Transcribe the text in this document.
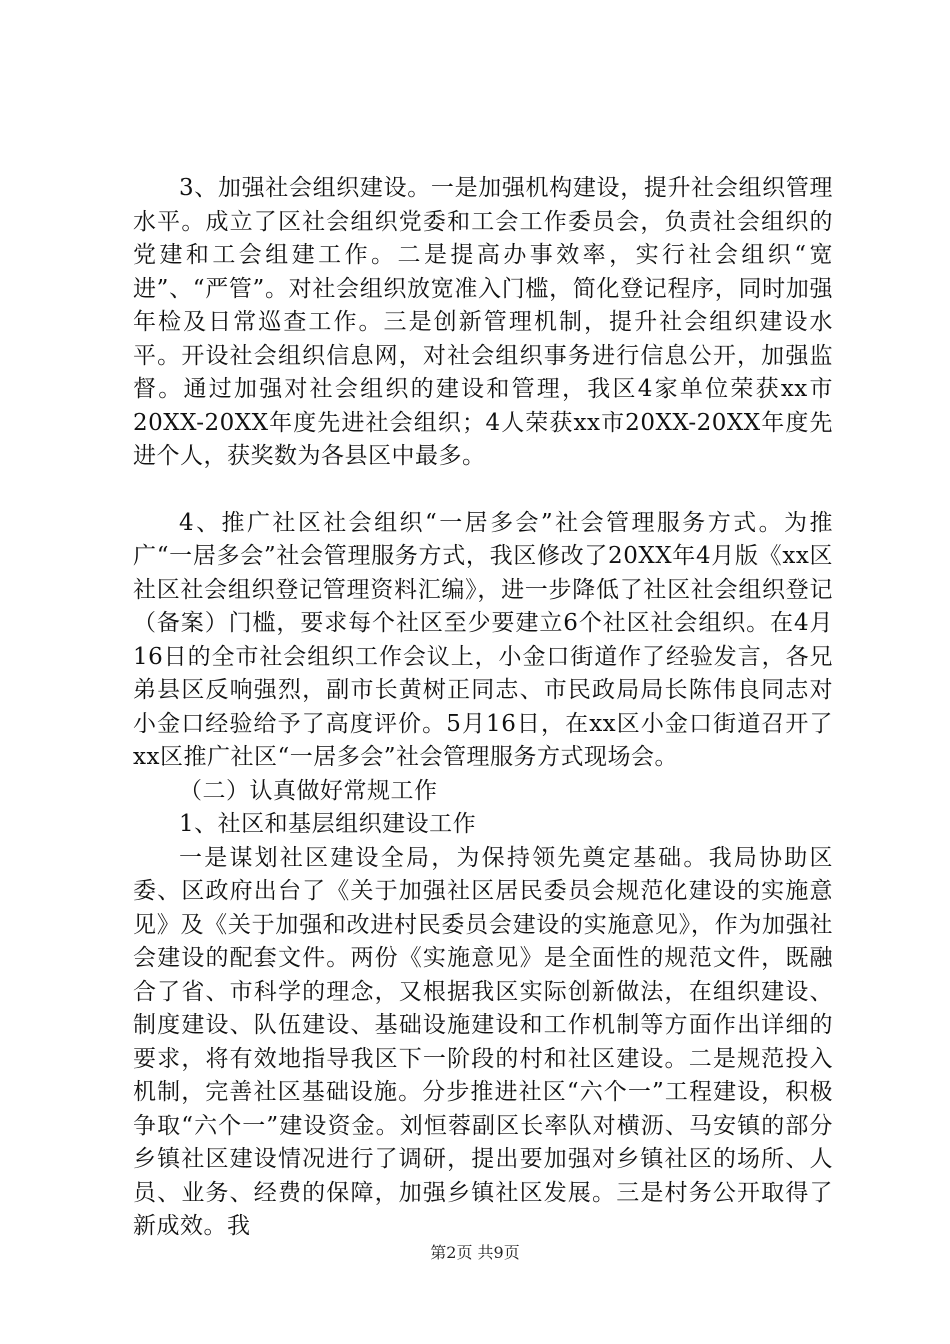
3、加强社会组织建设。一是加强机构建设，提升社会组织管理水平。成立了区社会组织党委和工会工作委员会，负责社会组织的党建和工会组建工作。二是提高办事效率，实行社会组织“宽进”、“严管”。对社会组织放宽准入门槛，简化登记程序，同时加强年检及日常巡查工作。三是创新管理机制，提升社会组织建设水平。开设社会组织信息网，对社会组织事务进行信息公开，加强监督。通过加强对社会组织的建设和管理，我区4家单位荣获xx市20XX-20XX年度先进社会组织；4人荣获xx市20XX-20XX年度先进个人，获奖数为各县区中最多。

4、推广社区社会组织“一居多会”社会管理服务方式。为推广“一居多会”社会管理服务方式，我区修改了20XX年4月版《xx区社区社会组织登记管理资料汇编》，进一步降低了社区社会组织登记（备案）门槛，要求每个社区至少要建立6个社区社会组织。在4月16日的全市社会组织工作会议上，小金口街道作了经验发言，各兄弟县区反响强烈，副市长黄树正同志、市民政局局长陈伟良同志对小金口经验给予了高度评价。5月16日，在xx区小金口街道召开了xx区推广社区“一居多会”社会管理服务方式现场会。

（二）认真做好常规工作

1、社区和基层组织建设工作

一是谋划社区建设全局，为保持领先奠定基础。我局协助区委、区政府出台了《关于加强社区居民委员会规范化建设的实施意见》及《关于加强和改进村民委员会建设的实施意见》，作为加强社会建设的配套文件。两份《实施意见》是全面性的规范文件，既融合了省、市科学的理念，又根据我区实际创新做法，在组织建设、制度建设、队伍建设、基础设施建设和工作机制等方面作出详细的要求，将有效地指导我区下一阶段的村和社区建设。二是规范投入机制，完善社区基础设施。分步推进社区“六个一”工程建设，积极争取“六个一”建设资金。刘恒蓉副区长率队对横沥、马安镇的部分乡镇社区建设情况进行了调研，提出要加强对乡镇社区的场所、人员、业务、经费的保障，加强乡镇社区发展。三是村务公开取得了新成效。我

第2页 共9页
